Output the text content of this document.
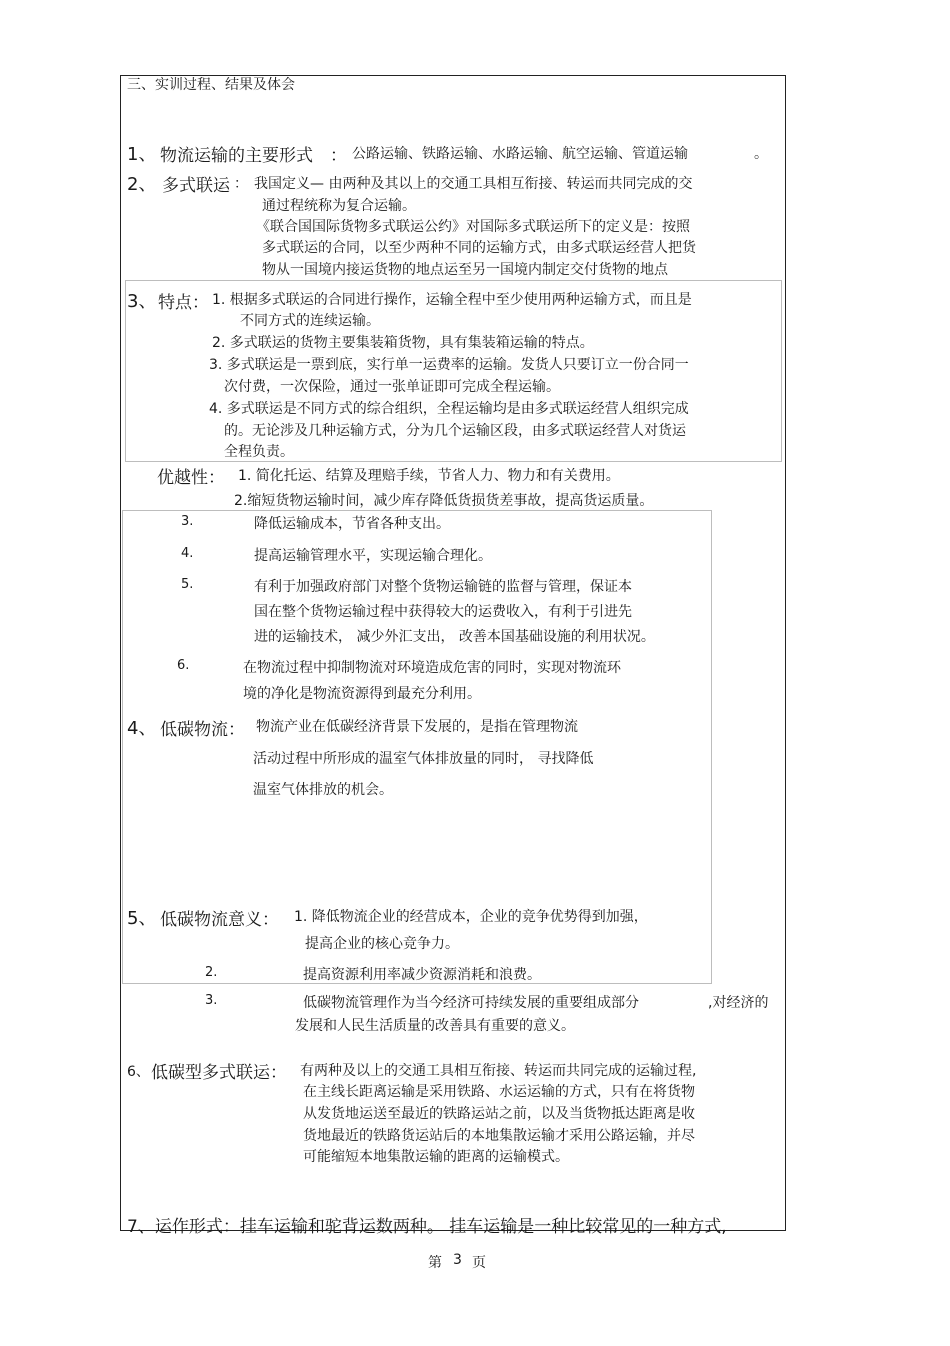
三、实训过程、结果及体会
1、 物流运输的主要形式 ： 公路运输、铁路运输、水路运输、航空运输、管道运输	。
2、 多式联运 ： 我国定义— 由两种及其以上的交通工具相互衔接、转运而共同完成的交
通过程统称为复合运输。
《联合国国际货物多式联运公约》对国际多式联运所下的定义是：按照
多式联运的合同，以至少两种不同的运输方式，由多式联运经营人把货
物从一国境内接运货物的地点运至另一国境内制定交付货物的地点
3、 特点： 1. 根据多式联运的合同进行操作，运输全程中至少使用两种运输方式，而且是
不同方式的连续运输。
2. 多式联运的货物主要集装箱货物，具有集装箱运输的特点。
3. 多式联运是一票到底，实行单一运费率的运输。发货人只要订立一份合同一
次付费，一次保险，通过一张单证即可完成全程运输。
4. 多式联运是不同方式的综合组织，全程运输均是由多式联运经营人组织完成
的。无论涉及几种运输方式，分为几个运输区段，由多式联运经营人对货运
全程负责。
优越性： 1. 简化托运、结算及理赔手续，节省人力、物力和有关费用。
2.缩短货物运输时间，减少库存降低货损货差事故，提高货运质量。
3.	降低运输成本，节省各种支出。
4.	提高运输管理水平，实现运输合理化。
5.	有利于加强政府部门对整个货物运输链的监督与管理，保证本
国在整个货物运输过程中获得较大的运费收入，有利于引进先
进的运输技术， 减少外汇支出， 改善本国基础设施的利用状况。
6.	在物流过程中抑制物流对环境造成危害的同时，实现对物流环
境的净化是物流资源得到最充分利用。
4、 低碳物流： 物流产业在低碳经济背景下发展的，是指在管理物流
活动过程中所形成的温室气体排放量的同时， 寻找降低
温室气体排放的机会。
5、 低碳物流意义： 1. 降低物流企业的经营成本，企业的竞争优势得到加强，
提高企业的核心竞争力。
2.	提高资源利用率减少资源消耗和浪费。
3.	低碳物流管理作为当今经济可持续发展的重要组成部分	,对经济的
发展和人民生活质量的改善具有重要的意义。
6、 低碳型多式联运： 有两种及以上的交通工具相互衔接、转运而共同完成的运输过程,
在主线长距离运输是采用铁路、水运运输的方式，只有在将货物
从发货地运送至最近的铁路运站之前，以及当货物抵达距离是收
货地最近的铁路货运站后的本地集散运输才采用公路运输，并尽
可能缩短本地集散运输的距离的运输模式。
7、运作形式：挂车运输和驼背运数两种。 挂车运输是一种比较常见的一种方式,
第 3 页
